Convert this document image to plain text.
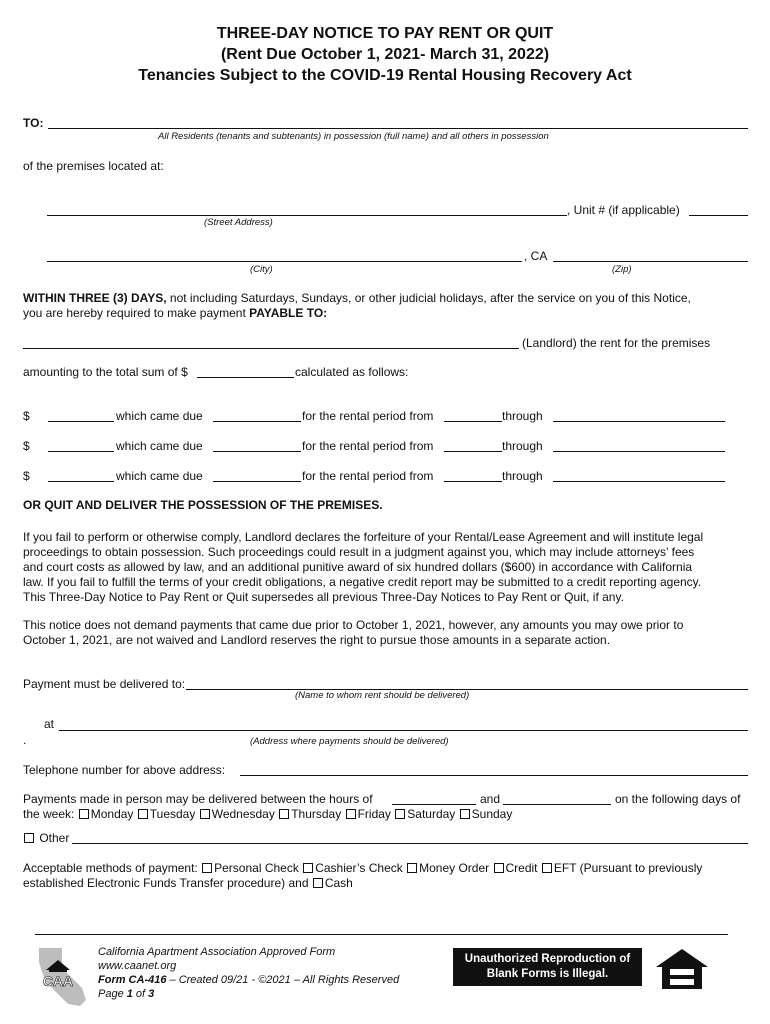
THREE-DAY NOTICE TO PAY RENT OR QUIT
(Rent Due October 1, 2021- March 31, 2022)
Tenancies Subject to the COVID-19 Rental Housing Recovery Act
TO:
All Residents (tenants and subtenants) in possession (full name) and all others in possession
of the premises located at:
, Unit # (if applicable)
(Street Address)
, CA
(City)	(Zip)
WITHIN THREE (3) DAYS, not including Saturdays, Sundays, or other judicial holidays, after the service on you of this Notice,
you are hereby required to make payment PAYABLE TO:
(Landlord) the rent for the premises
amounting to the total sum of $	calculated as follows:
$	which came due	for the rental period from	through
$	which came due	for the rental period from	through
$	which came due	for the rental period from	through
OR QUIT AND DELIVER THE POSSESSION OF THE PREMISES.
If you fail to perform or otherwise comply, Landlord declares the forfeiture of your Rental/Lease Agreement and will institute legal
proceedings to obtain possession. Such proceedings could result in a judgment against you, which may include attorneys’ fees
and court costs as allowed by law, and an additional punitive award of six hundred dollars ($600) in accordance with California
law. If you fail to fulfill the terms of your credit obligations, a negative credit report may be submitted to a credit reporting agency.
This Three-Day Notice to Pay Rent or Quit supersedes all previous Three-Day Notices to Pay Rent or Quit, if any.
This notice does not demand payments that came due prior to October 1, 2021, however, any amounts you may owe prior to
October 1, 2021, are not waived and Landlord reserves the right to pursue those amounts in a separate action.
Payment must be delivered to:
(Name to whom rent should be delivered)
at
.	(Address where payments should be delivered)
Telephone number for above address:
Payments made in person may be delivered between the hours of	and	on the following days of
the week: Monday Tuesday Wednesday Thursday Friday Saturday Sunday
Other
Acceptable methods of payment: Personal Check Cashier’s Check Money Order Credit EFT (Pursuant to previously
established Electronic Funds Transfer procedure) and Cash
CAA
California Apartment Association Approved Form
www.caanet.org
Form CA-416 – Created 09/21 - ©2021 – All Rights Reserved
Page 1 of 3
Unauthorized Reproduction of
Blank Forms is Illegal.
